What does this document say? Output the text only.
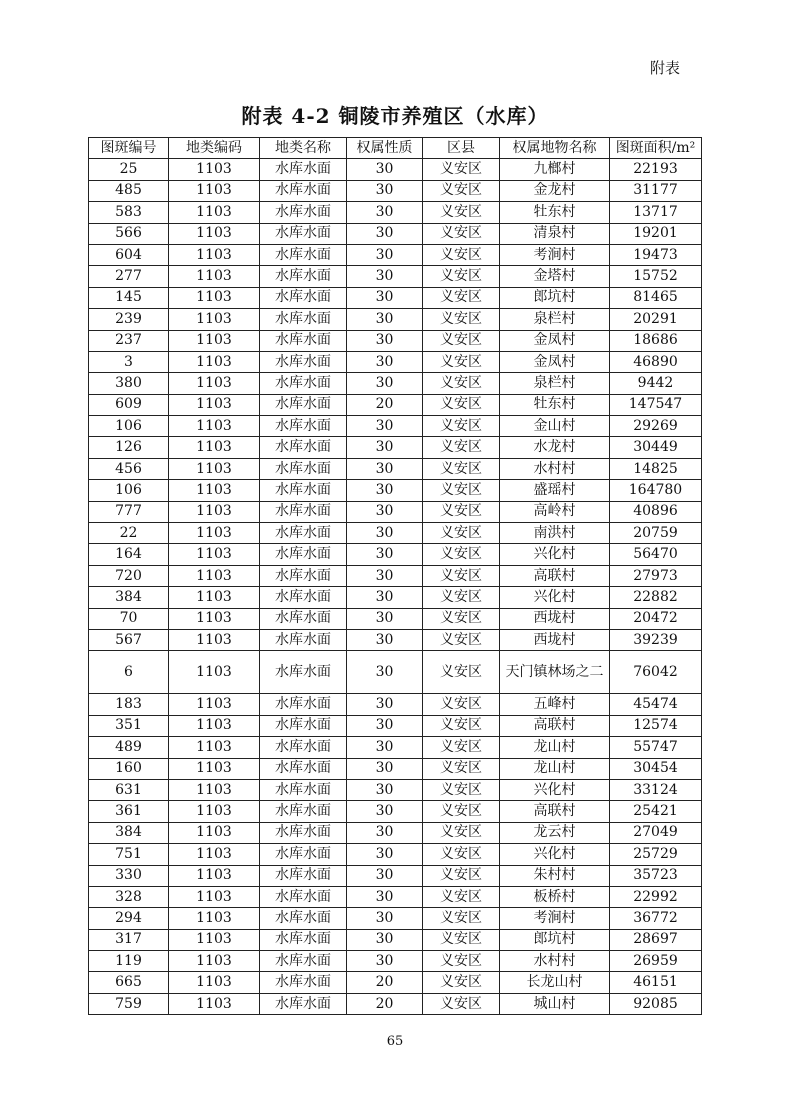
附表
附表 4-2 铜陵市养殖区（水库）
图斑编号	地类编码	地类名称	权属性质	区县	权属地物名称	图斑面积/m²
25	1103	水库水面	30	义安区	九榔村	22193
485	1103	水库水面	30	义安区	金龙村	31177
583	1103	水库水面	30	义安区	牡东村	13717
566	1103	水库水面	30	义安区	清泉村	19201
604	1103	水库水面	30	义安区	考涧村	19473
277	1103	水库水面	30	义安区	金塔村	15752
145	1103	水库水面	30	义安区	郎坑村	81465
239	1103	水库水面	30	义安区	泉栏村	20291
237	1103	水库水面	30	义安区	金凤村	18686
3	1103	水库水面	30	义安区	金凤村	46890
380	1103	水库水面	30	义安区	泉栏村	9442
609	1103	水库水面	20	义安区	牡东村	147547
106	1103	水库水面	30	义安区	金山村	29269
126	1103	水库水面	30	义安区	水龙村	30449
456	1103	水库水面	30	义安区	水村村	14825
106	1103	水库水面	30	义安区	盛瑶村	164780
777	1103	水库水面	30	义安区	高岭村	40896
22	1103	水库水面	30	义安区	南洪村	20759
164	1103	水库水面	30	义安区	兴化村	56470
720	1103	水库水面	30	义安区	高联村	27973
384	1103	水库水面	30	义安区	兴化村	22882
70	1103	水库水面	30	义安区	西垅村	20472
567	1103	水库水面	30	义安区	西垅村	39239
6	1103	水库水面	30	义安区	天门镇林场之二	76042
183	1103	水库水面	30	义安区	五峰村	45474
351	1103	水库水面	30	义安区	高联村	12574
489	1103	水库水面	30	义安区	龙山村	55747
160	1103	水库水面	30	义安区	龙山村	30454
631	1103	水库水面	30	义安区	兴化村	33124
361	1103	水库水面	30	义安区	高联村	25421
384	1103	水库水面	30	义安区	龙云村	27049
751	1103	水库水面	30	义安区	兴化村	25729
330	1103	水库水面	30	义安区	朱村村	35723
328	1103	水库水面	30	义安区	板桥村	22992
294	1103	水库水面	30	义安区	考涧村	36772
317	1103	水库水面	30	义安区	郎坑村	28697
119	1103	水库水面	30	义安区	水村村	26959
665	1103	水库水面	20	义安区	长龙山村	46151
759	1103	水库水面	20	义安区	城山村	92085
65
